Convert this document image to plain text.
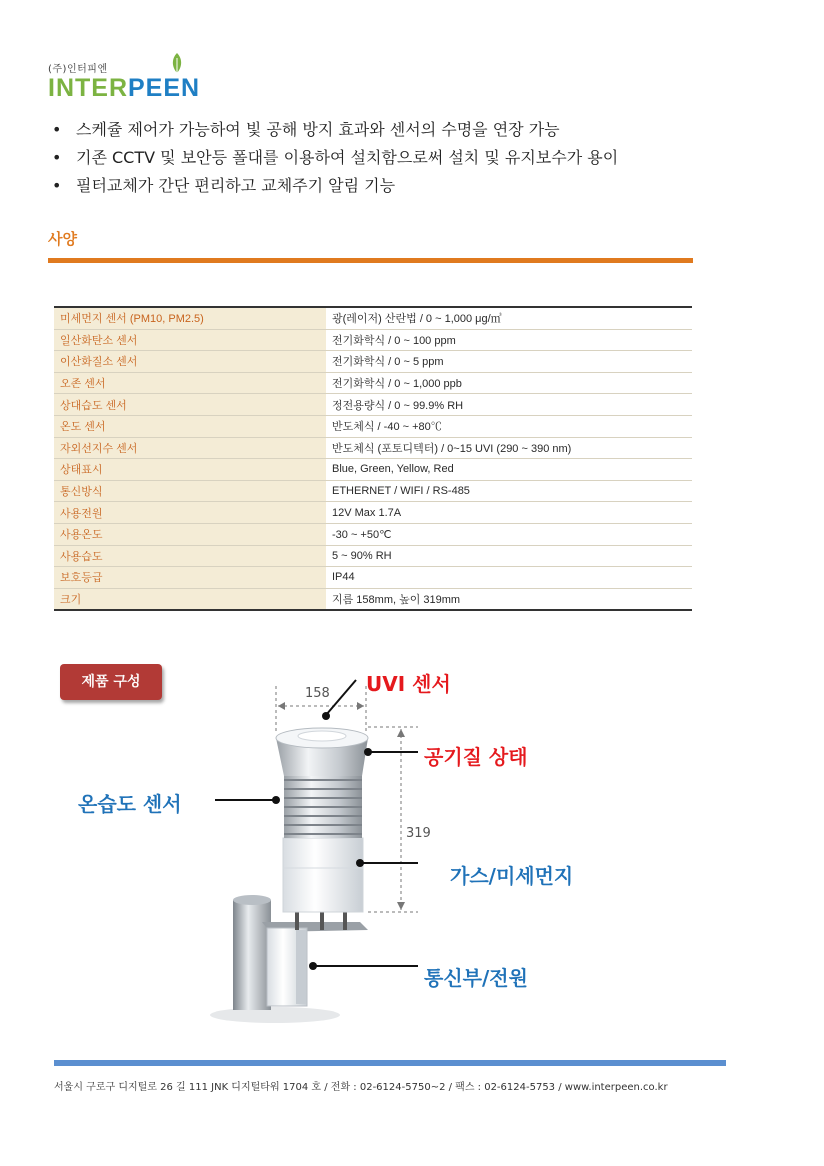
(주)인터피엔
INTERPEEN
• 스케쥴 제어가 가능하여 빛 공해 방지 효과와 센서의 수명을 연장 가능
• 기존 CCTV 및 보안등 폴대를 이용하여 설치함으로써 설치 및 유지보수가 용이
• 필터교체가 간단 편리하고 교체주기 알림 기능
사양
미세먼지 센서 (PM10, PM2.5)	광(레이저) 산란법 / 0 ~ 1,000 μg/㎥
일산화탄소 센서	전기화학식 / 0 ~ 100 ppm
이산화질소 센서	전기화학식 / 0 ~ 5 ppm
오존 센서	전기화학식 / 0 ~ 1,000 ppb
상대습도 센서	정전용량식 / 0 ~ 99.9% RH
온도 센서	반도체식 / -40 ~ +80℃
자외선지수 센서	반도체식 (포토디텍터) / 0~15 UVI (290 ~ 390 nm)
상태표시	Blue, Green, Yellow, Red
통신방식	ETHERNET / WIFI / RS-485
사용전원	12V Max 1.7A
사용온도	-30 ~ +50℃
사용습도	5 ~ 90% RH
보호등급	IP44
크기	지름 158mm, 높이 319mm
제품 구성
158
319
UVI 센서
공기질 상태
온습도 센서
가스/미세먼지
통신부/전원
서울시 구로구 디지털로 26 길 111 JNK 디지털타워 1704 호 / 전화 : 02-6124-5750~2 / 팩스 : 02-6124-5753 / www.interpeen.co.kr
